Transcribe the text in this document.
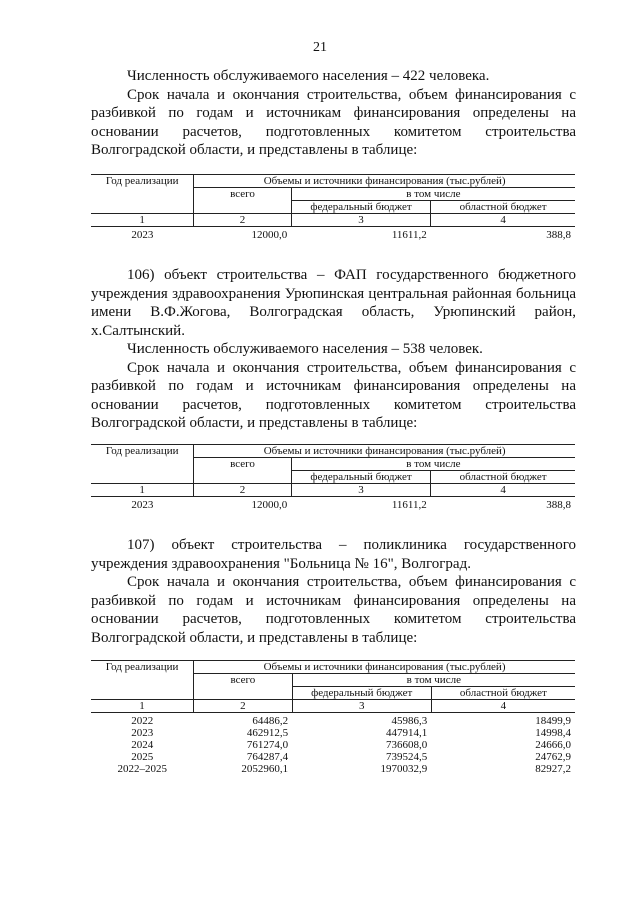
21

Численность обслуживаемого населения – 422 человека.

Срок начала и окончания строительства, объем финансирования с разбивкой по годам и источникам финансирования определены на основании расчетов, подготовленных комитетом строительства Волгоградской области, и представлены в таблице:

Год реализации	Объемы и источники финансирования (тыс.рублей)		
	всего	в том числе	
		федеральный бюджет	областной бюджет
1	2	3	4
2023	12000,0	11611,2	388,8

106) объект строительства – ФАП государственного бюджетного учреждения здравоохранения Урюпинская центральная районная больница имени В.Ф.Жогова, Волгоградская область, Урюпинский район, х.Салтынский.

Численность обслуживаемого населения – 538 человек.

Срок начала и окончания строительства, объем финансирования с разбивкой по годам и источникам финансирования определены на основании расчетов, подготовленных комитетом строительства Волгоградской области, и представлены в таблице:

Год реализации	Объемы и источники финансирования (тыс.рублей)		
	всего	в том числе	
		федеральный бюджет	областной бюджет
1	2	3	4
2023	12000,0	11611,2	388,8

107) объект строительства – поликлиника государственного учреждения здравоохранения "Больница № 16", Волгоград.

Срок начала и окончания строительства, объем финансирования с разбивкой по годам и источникам финансирования определены на основании расчетов, подготовленных комитетом строительства Волгоградской области, и представлены в таблице:

Год реализации	Объемы и источники финансирования (тыс.рублей)		
	всего	в том числе	
		федеральный бюджет	областной бюджет
1	2	3	4
2022	64486,2	45986,3	18499,9
2023	462912,5	447914,1	14998,4
2024	761274,0	736608,0	24666,0
2025	764287,4	739524,5	24762,9
2022–2025	2052960,1	1970032,9	82927,2
